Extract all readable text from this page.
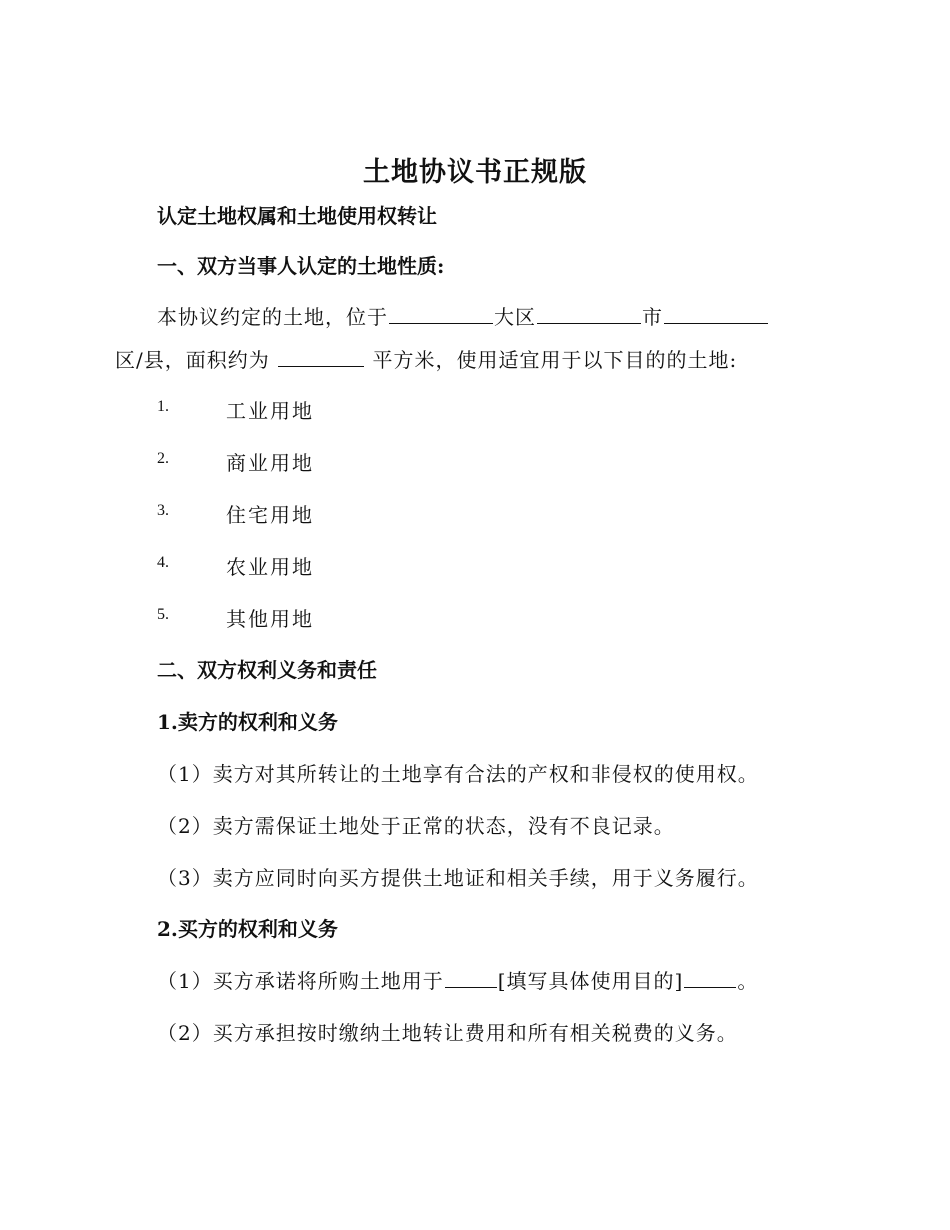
土地协议书正规版
认定土地权属和土地使用权转让
一、双方当事人认定的土地性质:
本协议约定的土地，位于	大区	市
区/县，面积约为	平方米，使用适宜用于以下目的的土地:
1.	工业用地
2.	商业用地
3.	住宅用地
4.	农业用地
5.	其他用地
二、双方权利义务和责任
1.卖方的权利和义务
（1）卖方对其所转让的土地享有合法的产权和非侵权的使用权。
（2）卖方需保证土地处于正常的状态，没有不良记录。
（3）卖方应同时向买方提供土地证和相关手续，用于义务履行。
2.买方的权利和义务
（1）买方承诺将所购土地用于	[填写具体使用目的]	。
（2）买方承担按时缴纳土地转让费用和所有相关税费的义务。
